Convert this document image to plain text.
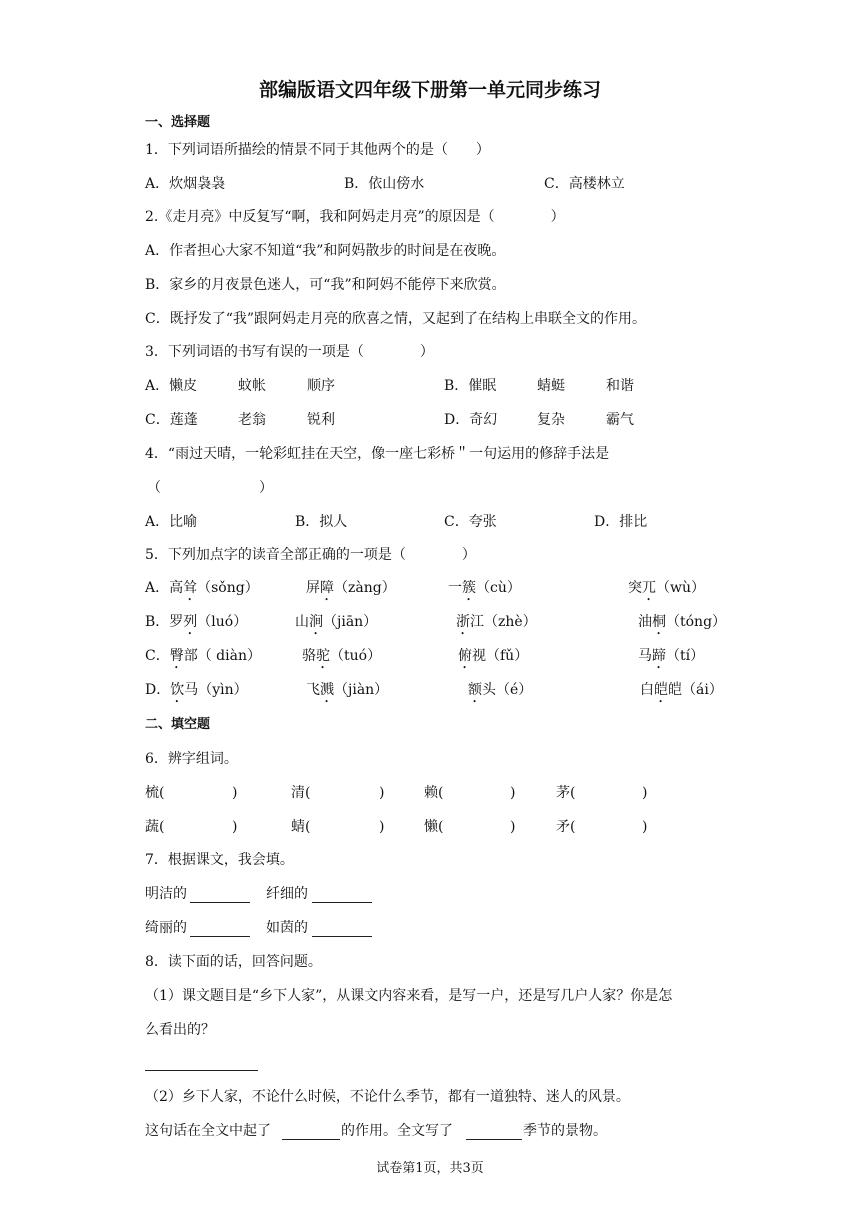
部编版语文四年级下册第一单元同步练习
一、选择题
1．下列词语所描绘的情景不同于其他两个的是（　　）
A．炊烟袅袅	B．依山傍水	C．高楼林立
2.《走月亮》中反复写“啊，我和阿妈走月亮”的原因是（　　　　）
A．作者担心大家不知道“我”和阿妈散步的时间是在夜晚。
B．家乡的月夜景色迷人，可“我”和阿妈不能停下来欣赏。
C．既抒发了“我”跟阿妈走月亮的欣喜之情，又起到了在结构上串联全文的作用。
3．下列词语的书写有误的一项是（　　　　）
A．懒皮	蚊帐	顺序	B．催眠	蜻蜓	和谐
C．莲蓬	老翁	锐利	D．奇幻	复杂	霸气
4．“雨过天晴，一轮彩虹挂在天空，像一座七彩桥＂一句运用的修辞手法是
（　　　　　　　）
A．比喻	B．拟人	C．夸张	D．排比
5．下列加点字的读音全部正确的一项是（　　　　）
A．高耸（sǒng）	屏障（zàng）	一簇（cù）	突兀（wù）
B．罗列（luó）	山涧（jiān）	浙江（zhè）	油桐（tóng）
C．臀部（ diàn）	骆驼（tuó）	俯视（fǔ）	马蹄（tí）
D．饮马（yìn）	飞溅（jiàn）	额头（é）	白皑皑（ái）
二、填空题
6．辨字组词。
梳(	)	清(	)	赖(	)	茅(	)
蔬(	)	蜻(	)	懒(	)	矛(	)
7．根据课文，我会填。
明洁的	纤细的
绮丽的	如茵的
8．读下面的话，回答问题。
（1）课文题目是“乡下人家”，从课文内容来看，是写一户，还是写几户人家？你是怎
么看出的？
（2）乡下人家，不论什么时候，不论什么季节，都有一道独特、迷人的风景。
这句话在全文中起了	的作用。全文写了	季节的景物。
试卷第1页，共3页
